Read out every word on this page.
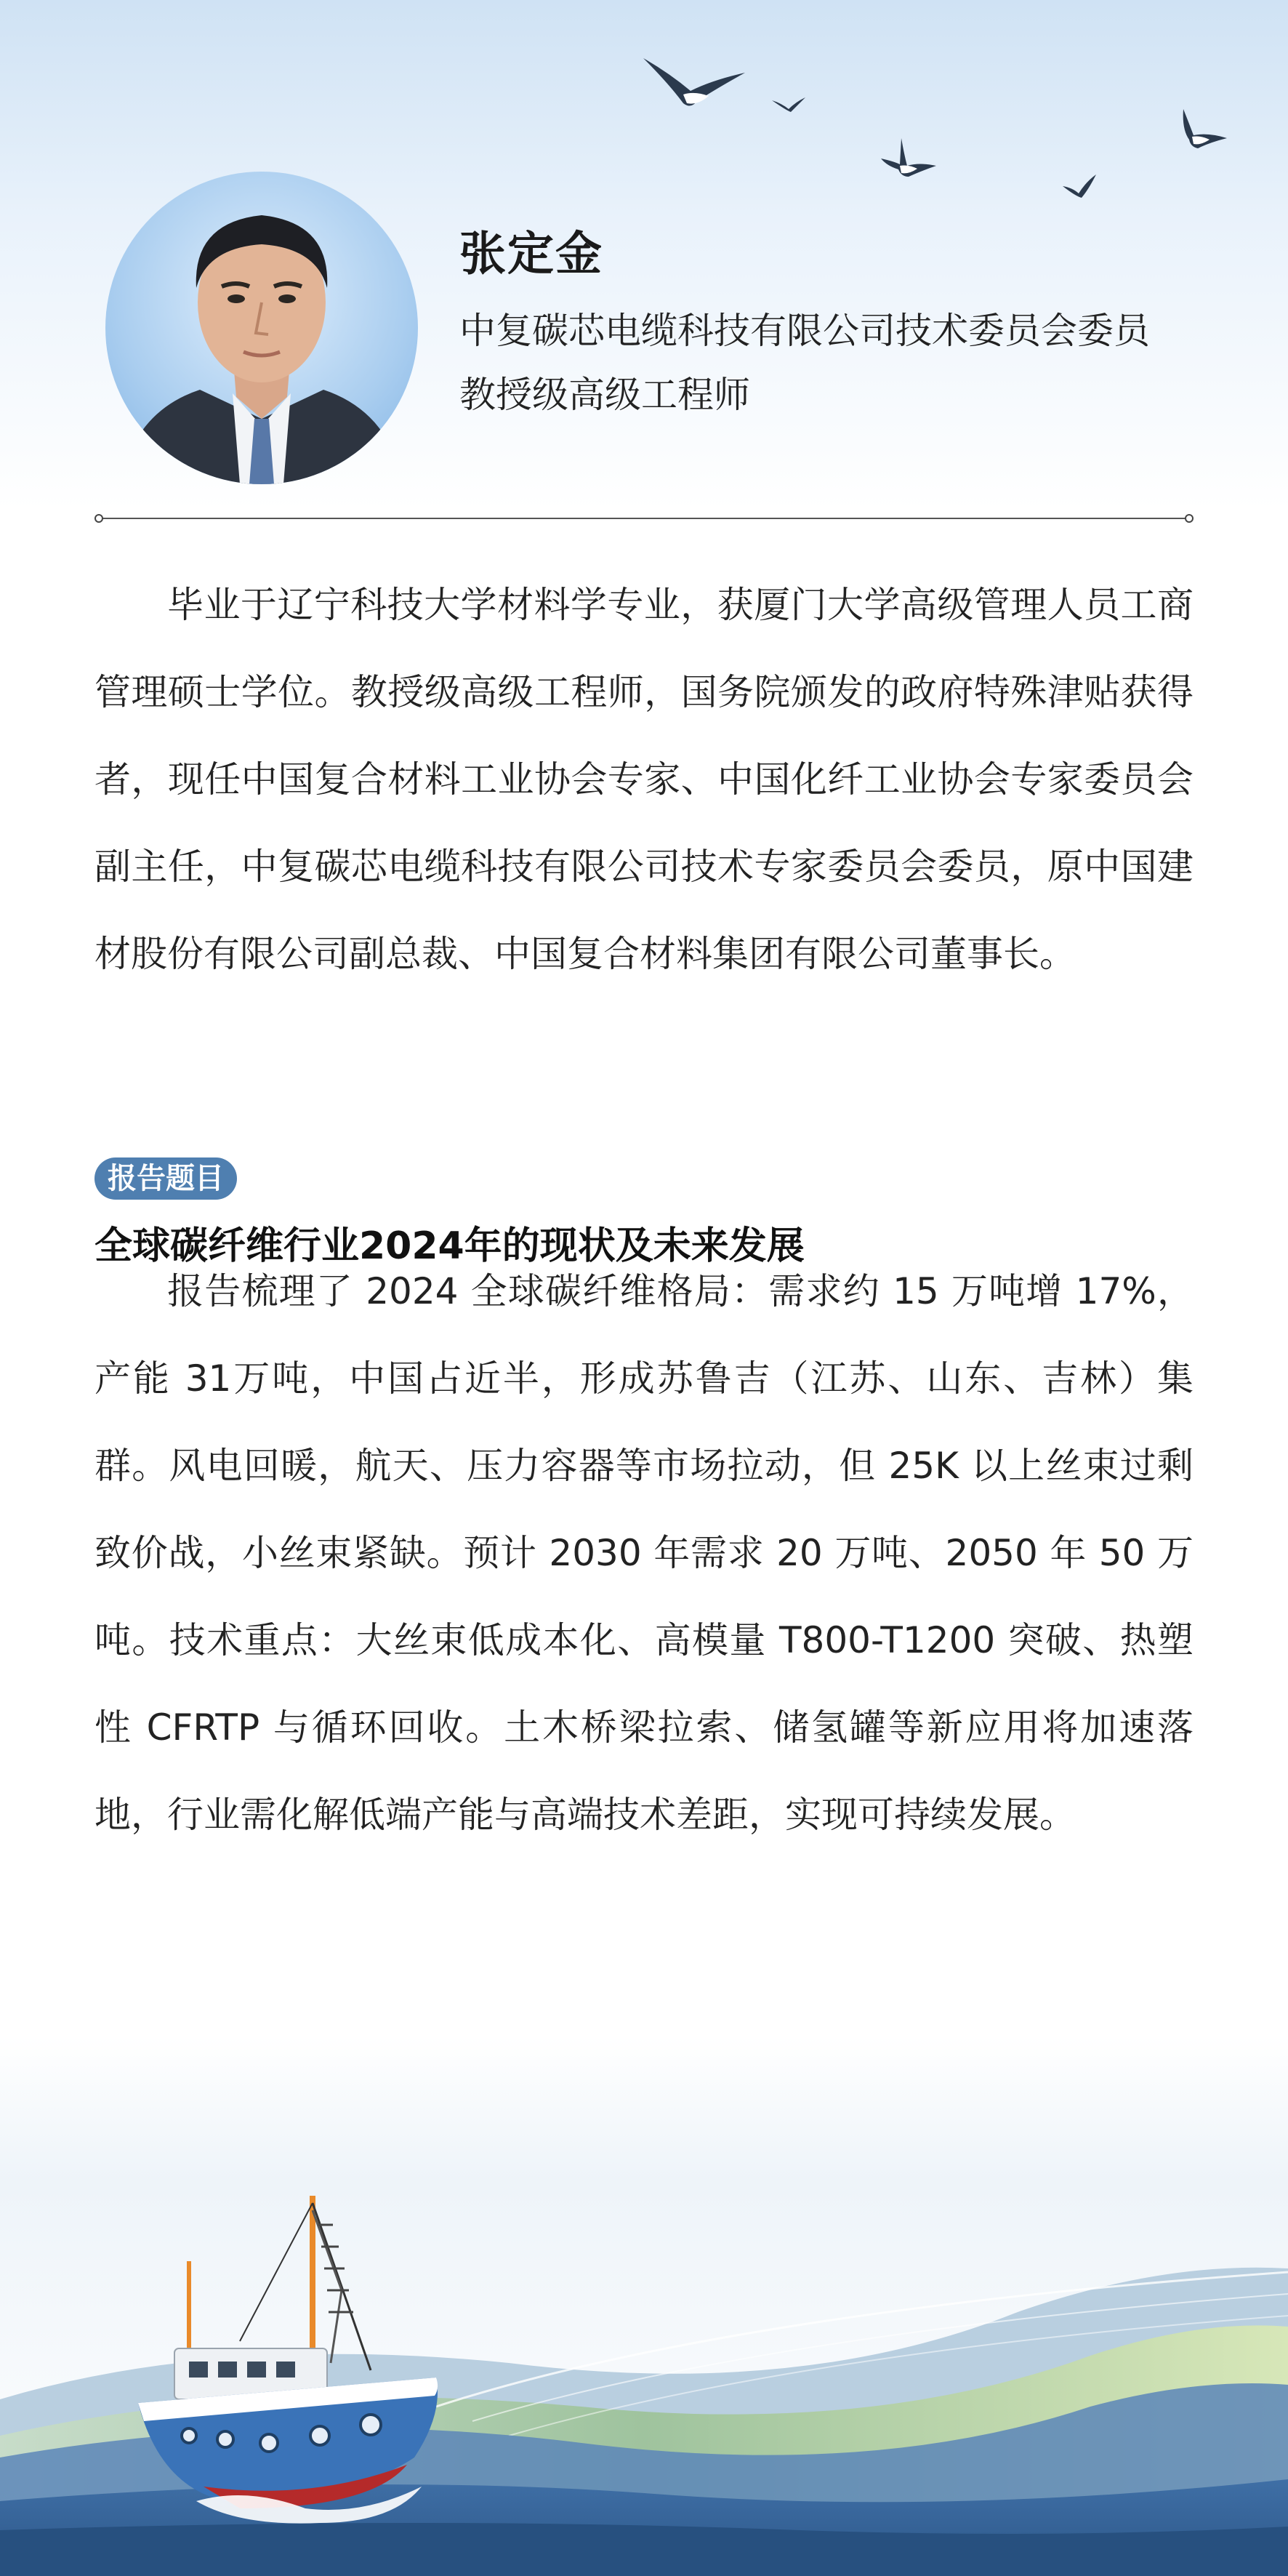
张定金
中复碳芯电缆科技有限公司技术委员会委员
教授级高级工程师

毕业于辽宁科技大学材料学专业，获厦门大学高级管理人员工商管理硕士学位。教授级高级工程师，国务院颁发的政府特殊津贴获得者，现任中国复合材料工业协会专家、中国化纤工业协会专家委员会副主任，中复碳芯电缆科技有限公司技术专家委员会委员，原中国建材股份有限公司副总裁、中国复合材料集团有限公司董事长。

报告题目
全球碳纤维行业2024年的现状及未来发展

报告梳理了 2024 全球碳纤维格局：需求约 15 万吨增 17%，产能 31万吨，中国占近半，形成苏鲁吉（江苏、山东、吉林）集群。风电回暖，航天、压力容器等市场拉动，但 25K 以上丝束过剩致价战，小丝束紧缺。预计 2030 年需求 20 万吨、2050 年 50 万吨。技术重点：大丝束低成本化、高模量 T800-T1200 突破、热塑性 CFRTP 与循环回收。土木桥梁拉索、储氢罐等新应用将加速落地，行业需化解低端产能与高端技术差距，实现可持续发展。
